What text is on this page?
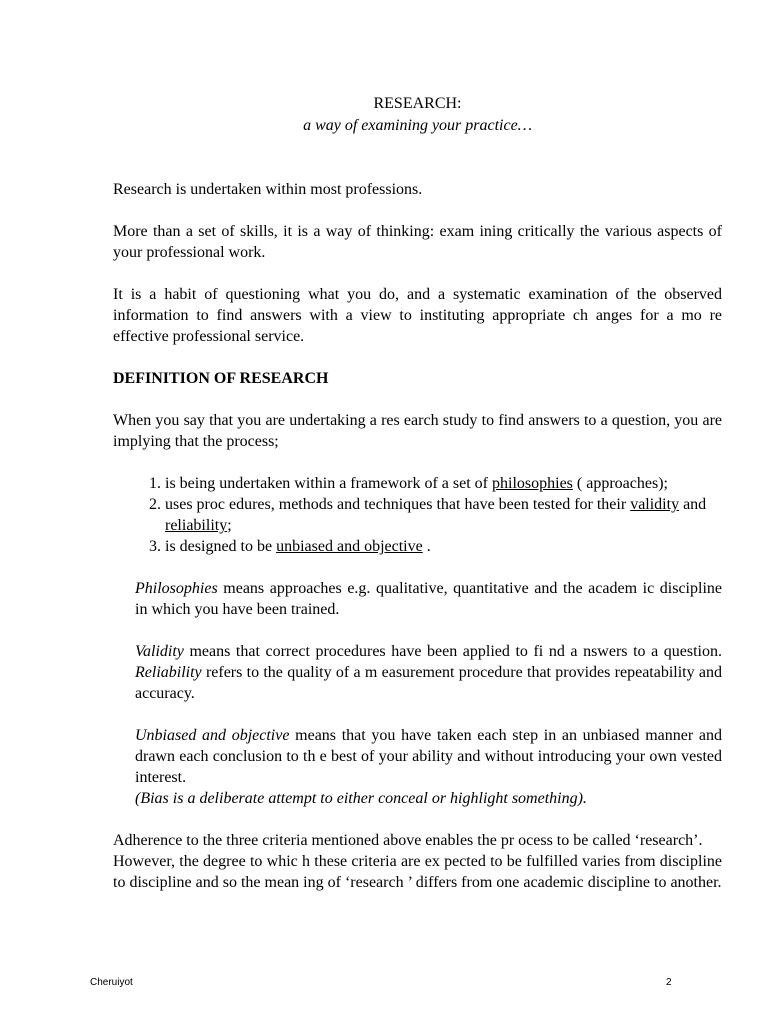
RESEARCH:

a way of examining your practice…

Research is undertaken within most professions.

More than a set of skills, it is a way of thinking: exam ining critically the various aspects of your professional work.

It is a habit of questioning what you do, and a systematic examination of the observed information to find answers with a view to instituting appropriate ch anges for a mo re effective professional service.

DEFINITION OF RESEARCH

When you say that you are undertaking a res earch study to find answers to a question, you are implying that the process;

1. is being undertaken within a framework of a set of philosophies ( approaches);
2. uses proc edures, methods and techniques that have been tested for their validity and reliability;
3. is designed to be unbiased and objective .

Philosophies means approaches e.g. qualitative, quantitative and the academ ic discipline in which you have been trained.

Validity means that correct procedures have been applied to fi nd a nswers to a question. Reliability refers to the quality of a m easurement procedure that provides repeatability and accuracy.

Unbiased and objective means that you have taken each step in an unbiased manner and drawn each conclusion to th e best of your ability and without introducing your own vested interest.

(Bias is a deliberate attempt to either conceal or highlight something).

Adherence to the three criteria mentioned above enables the pr ocess to be called ‘research’.

However, the degree to whic h these criteria are ex pected to be fulfilled varies from discipline to discipline and so the mean ing of ‘research ’ differs from one academic discipline to another.

Cheruiyot	2
